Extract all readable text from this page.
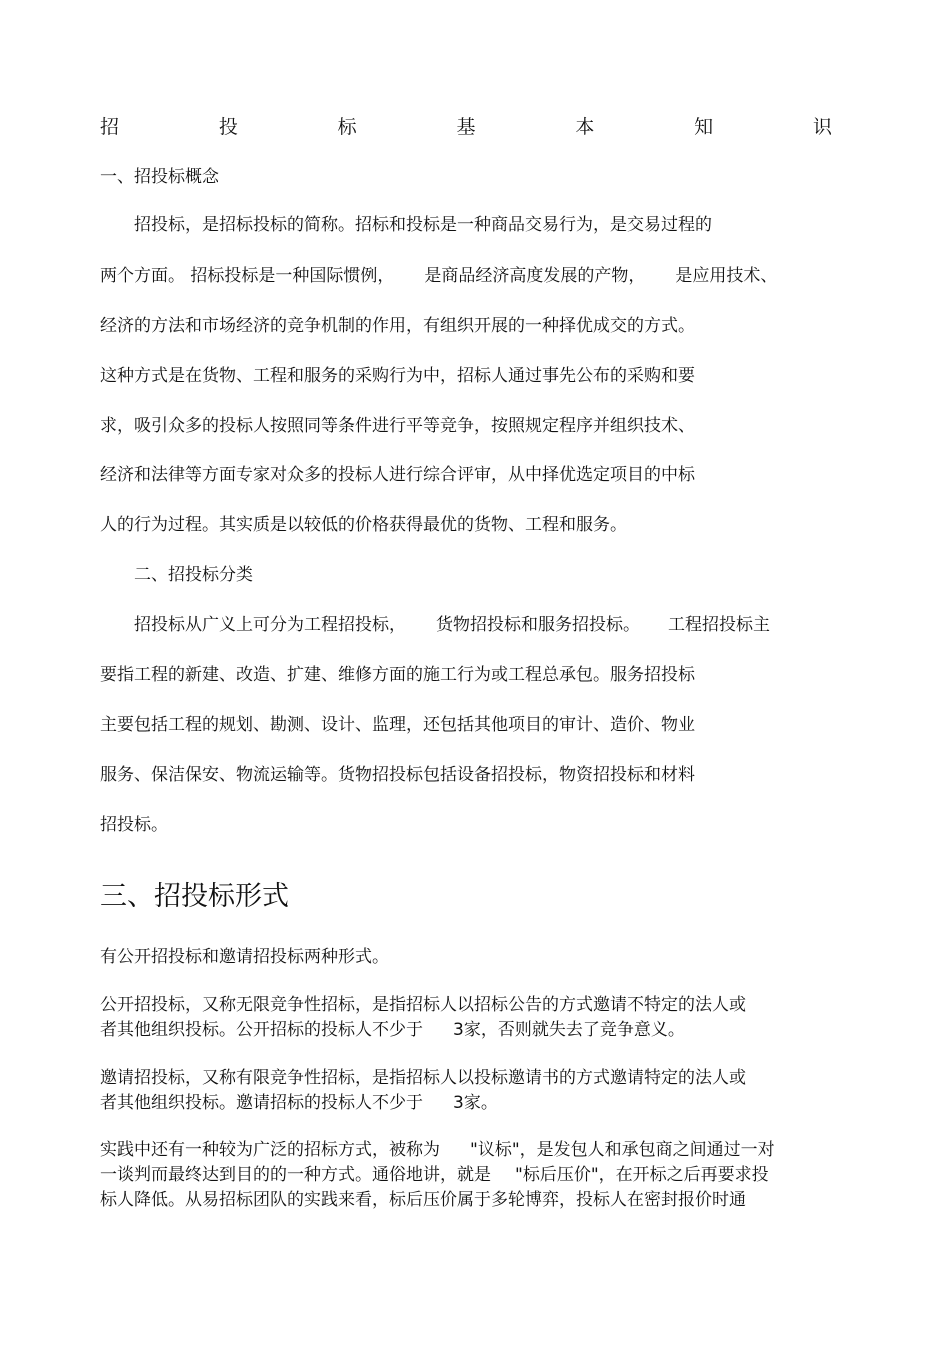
招	投	标	基	本	知	识

一、招投标概念

招投标，是招标投标的简称。招标和投标是一种商品交易行为，是交易过程的

两个方面。 招标投标是一种国际惯例， 是商品经济高度发展的产物， 是应用技术、

经济的方法和市场经济的竞争机制的作用，有组织开展的一种择优成交的方式。

这种方式是在货物、工程和服务的采购行为中，招标人通过事先公布的采购和要

求，吸引众多的投标人按照同等条件进行平等竞争，按照规定程序并组织技术、

经济和法律等方面专家对众多的投标人进行综合评审，从中择优选定项目的中标

人的行为过程。其实质是以较低的价格获得最优的货物、工程和服务。

二、招投标分类

招投标从广义上可分为工程招投标， 货物招投标和服务招投标。 工程招投标主

要指工程的新建、改造、扩建、维修方面的施工行为或工程总承包。服务招投标

主要包括工程的规划、勘测、设计、监理，还包括其他项目的审计、造价、物业

服务、保洁保安、物流运输等。货物招投标包括设备招投标，物资招投标和材料

招投标。

三、招投标形式

有公开招投标和邀请招投标两种形式。

公开招投标，又称无限竞争性招标，是指招标人以招标公告的方式邀请不特定的法人或

者其他组织投标。公开招标的投标人不少于 3家，否则就失去了竞争意义。

邀请招投标，又称有限竞争性招标，是指招标人以投标邀请书的方式邀请特定的法人或

者其他组织投标。邀请招标的投标人不少于 3家。

实践中还有一种较为广泛的招标方式，被称为 "议标"，是发包人和承包商之间通过一对

一谈判而最终达到目的的一种方式。通俗地讲，就是 "标后压价"，在开标之后再要求投

标人降低。从易招标团队的实践来看，标后压价属于多轮博弈，投标人在密封报价时通
